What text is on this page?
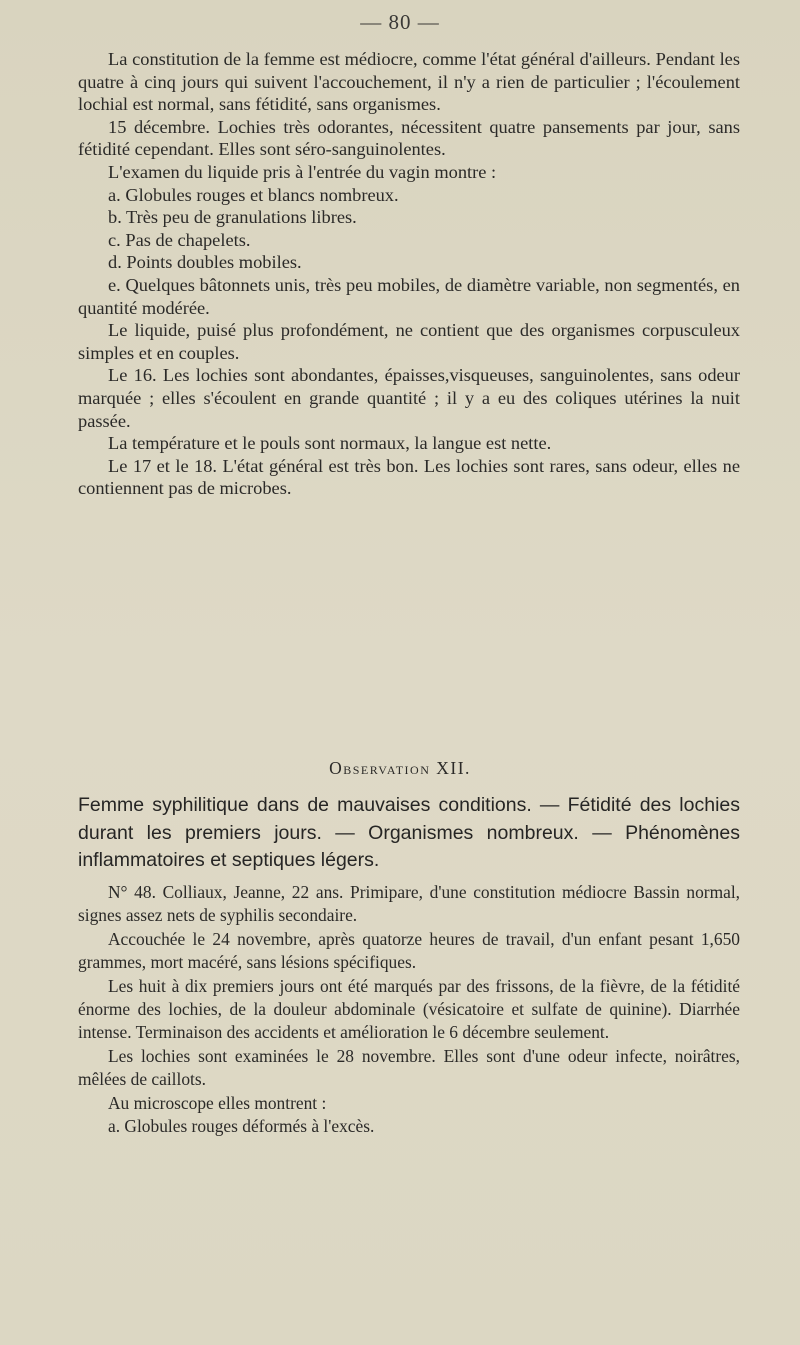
— 80 —

La constitution de la femme est médiocre, comme l'état général d'ailleurs. Pendant les quatre à cinq jours qui suivent l'accouchement, il n'y a rien de particulier ; l'écoulement lochial est normal, sans fétidité, sans organismes.

15 décembre. Lochies très odorantes, nécessitent quatre pansements par jour, sans fétidité cependant. Elles sont séro-sanguinolentes.

L'examen du liquide pris à l'entrée du vagin montre :

a. Globules rouges et blancs nombreux.

b. Très peu de granulations libres.

c. Pas de chapelets.

d. Points doubles mobiles.

e. Quelques bâtonnets unis, très peu mobiles, de diamètre variable, non segmentés, en quantité modérée.

Le liquide, puisé plus profondément, ne contient que des organismes corpusculeux simples et en couples.

Le 16. Les lochies sont abondantes, épaisses,visqueuses, sanguinolentes, sans odeur marquée ; elles s'écoulent en grande quantité ; il y a eu des coliques utérines la nuit passée.

La température et le pouls sont normaux, la langue est nette.

Le 17 et le 18. L'état général est très bon. Les lochies sont rares, sans odeur, elles ne contiennent pas de microbes.

Observation XII.
Femme syphilitique dans de mauvaises conditions. — Fétidité des lochies durant les premiers jours. — Organismes nombreux. — Phénomènes inflammatoires et septiques légers.

N° 48. Colliaux, Jeanne, 22 ans. Primipare, d'une constitution médiocre Bassin normal, signes assez nets de syphilis secondaire.

Accouchée le 24 novembre, après quatorze heures de travail, d'un enfant pesant 1,650 grammes, mort macéré, sans lésions spécifiques.

Les huit à dix premiers jours ont été marqués par des frissons, de la fièvre, de la fétidité énorme des lochies, de la douleur abdominale (vésicatoire et sulfate de quinine). Diarrhée intense. Terminaison des accidents et amélioration le 6 décembre seulement.

Les lochies sont examinées le 28 novembre. Elles sont d'une odeur infecte, noirâtres, mêlées de caillots.

Au microscope elles montrent :

a. Globules rouges déformés à l'excès.
